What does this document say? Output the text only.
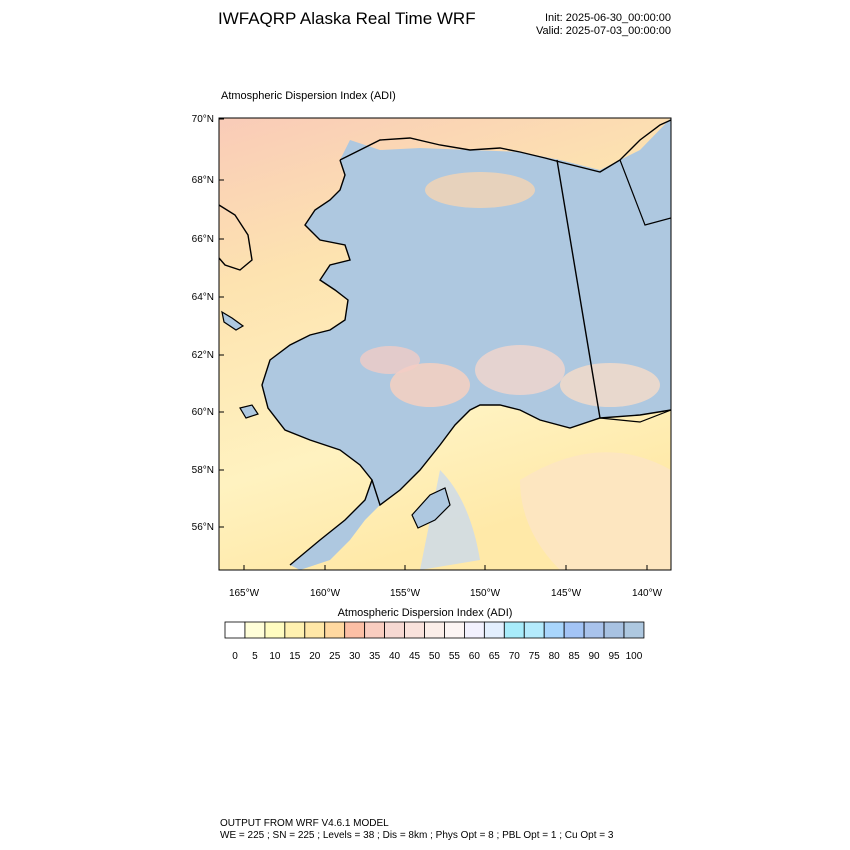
IWFAQRP Alaska Real Time WRF	Init: 2025-06-30_00:00:00
Valid: 2025-07-03_00:00:00
Atmospheric Dispersion Index (ADI)
70°N
68°N
66°N
64°N
62°N
60°N
58°N
56°N
165°W	160°W	155°W	150°W	145°W	140°W
0 5 10 15 20 25 30 35 40 45 50 55 60 65 70 75 80 85 90 95 100
Atmospheric Dispersion Index (ADI)
OUTPUT FROM WRF V4.6.1 MODEL
WE = 225 ; SN = 225 ; Levels = 38 ; Dis = 8km ; Phys Opt = 8 ; PBL Opt = 1 ; Cu Opt = 3
